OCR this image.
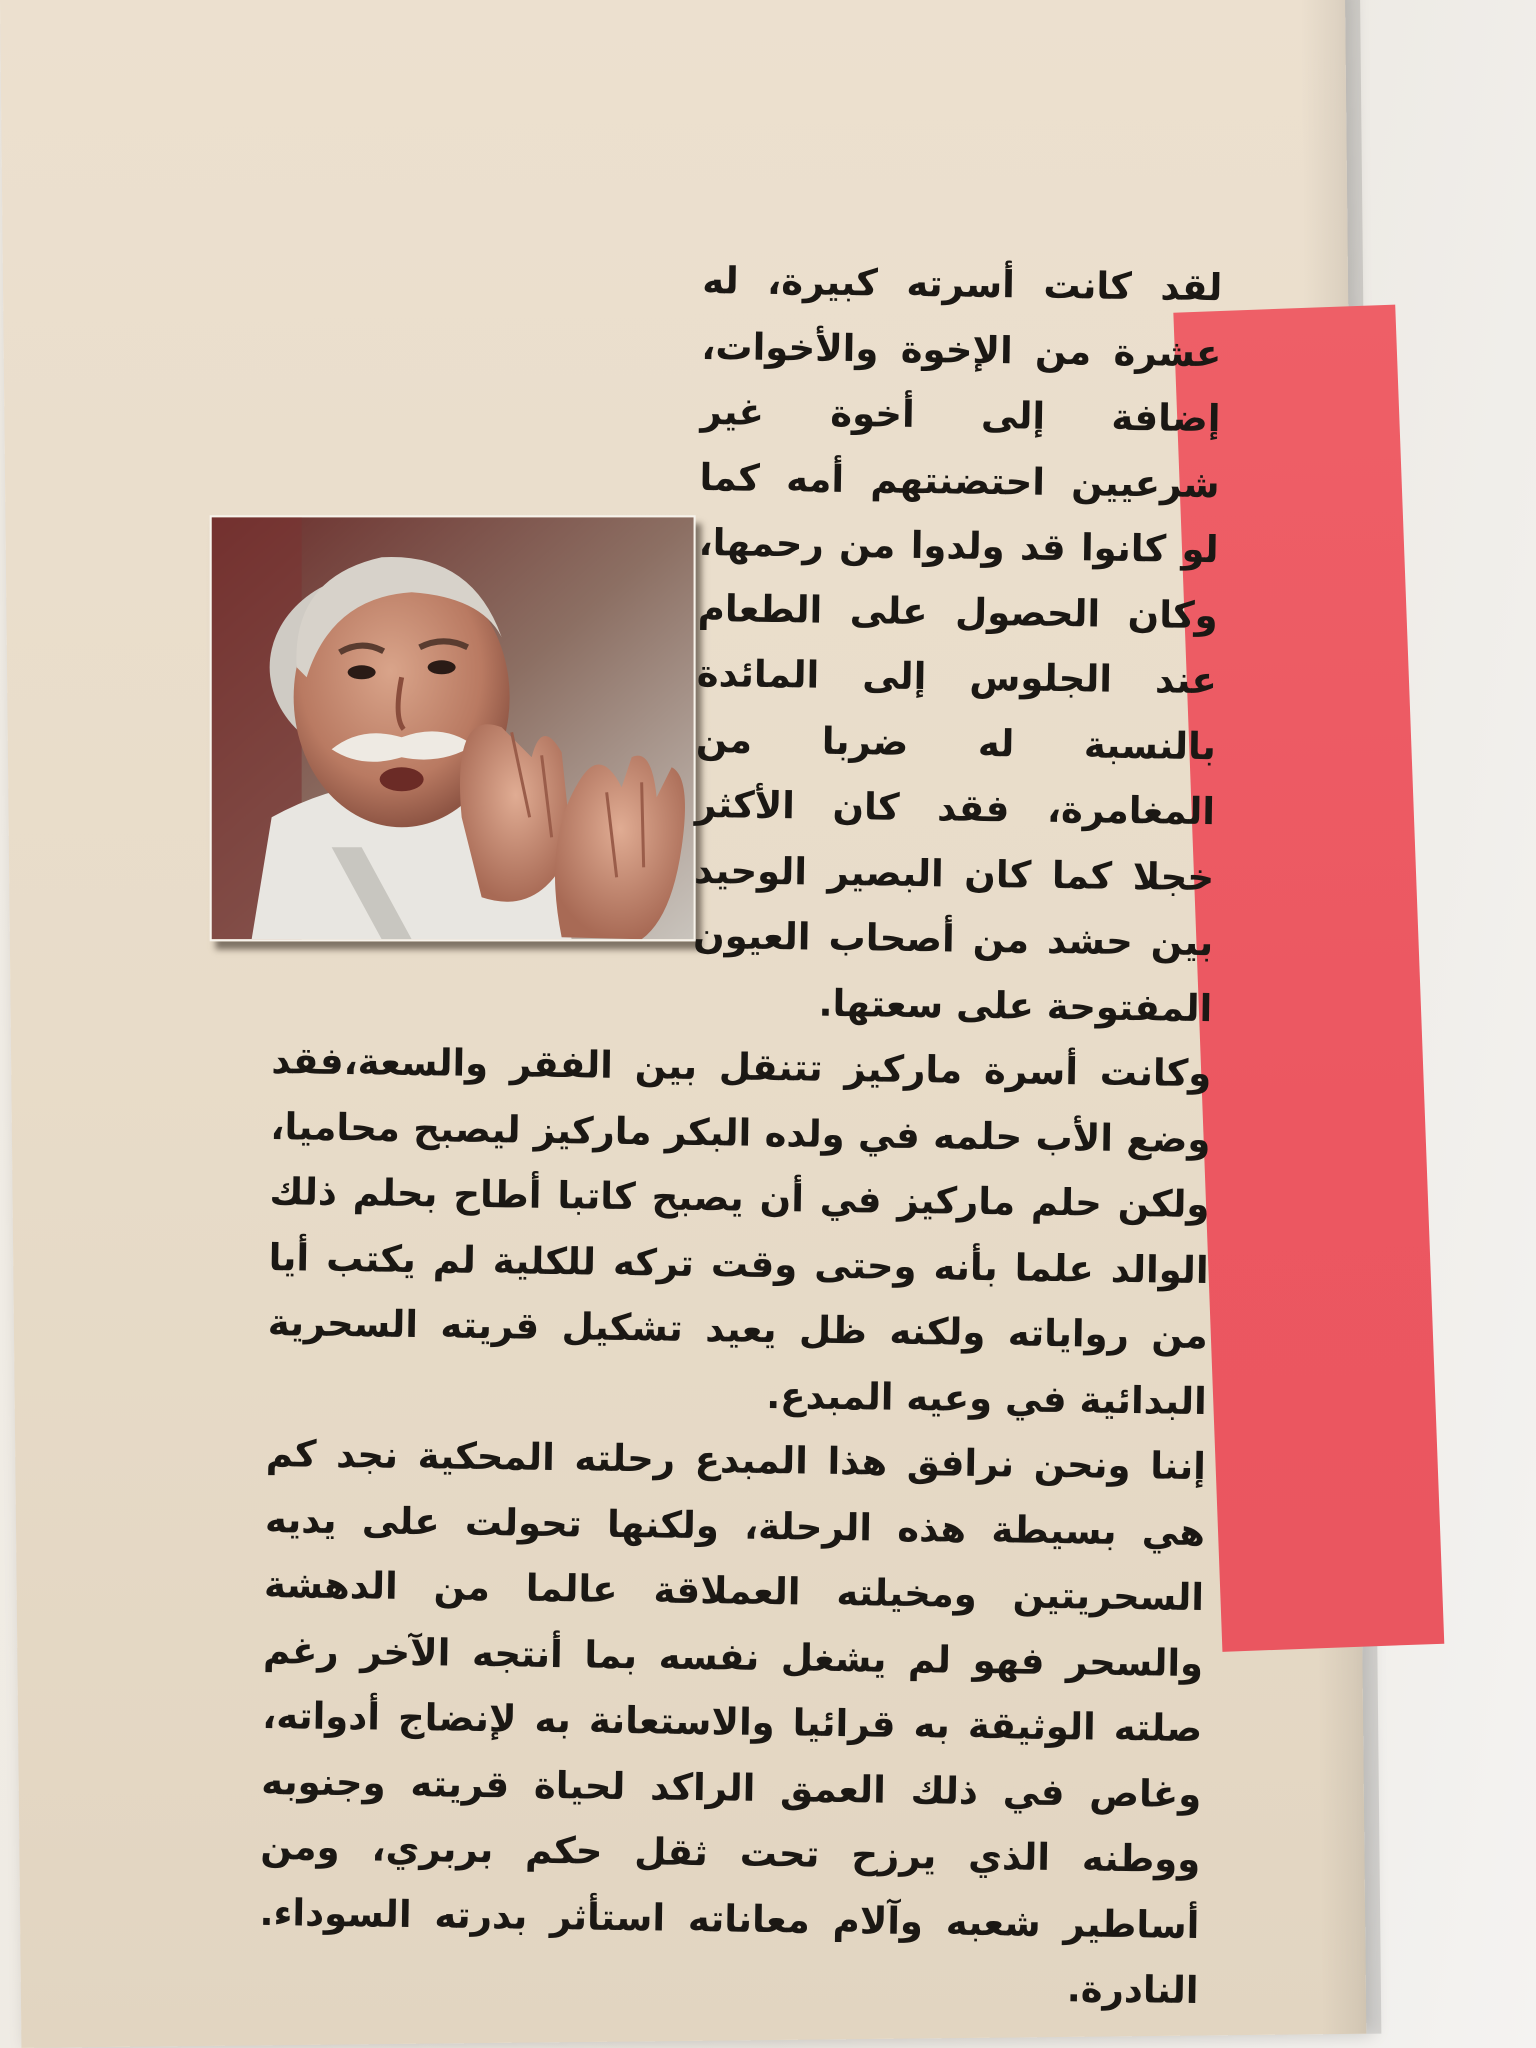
لقد كانت أسرته كبيرة، له عشرة من الإخوة والأخوات، إضافة إلى أخوة غير شرعيين احتضنتهم أمه كما لو كانوا قد ولدوا من رحمها، وكان الحصول على الطعام عند الجلوس إلى المائدة بالنسبة له ضربا من المغامرة، فقد كان الأكثر خجلا كما كان البصير الوحيد بين حشد من أصحاب العيون المفتوحة على سعتها.

وكانت أسرة ماركيز تتنقل بين الفقر والسعة،فقد وضع الأب حلمه في ولده البكر ماركيز ليصبح محاميا، ولكن حلم ماركيز في أن يصبح كاتبا أطاح بحلم ذلك الوالد علما بأنه وحتى وقت تركه للكلية لم يكتب أيا من رواياته ولكنه ظل يعيد تشكيل قريته السحرية البدائية في وعيه المبدع.

إننا ونحن نرافق هذا المبدع رحلته المحكية نجد كم هي بسيطة هذه الرحلة، ولكنها تحولت على يديه السحريتين ومخيلته العملاقة عالما من الدهشة والسحر فهو لم يشغل نفسه بما أنتجه الآخر رغم صلته الوثيقة به قرائيا والاستعانة به لإنضاج أدواته، وغاص في ذلك العمق الراكد لحياة قريته وجنوبه ووطنه الذي يرزح تحت ثقل حكم بربري، ومن أساطير شعبه وآلام معاناته استأثر بدرته السوداء. النادرة.
